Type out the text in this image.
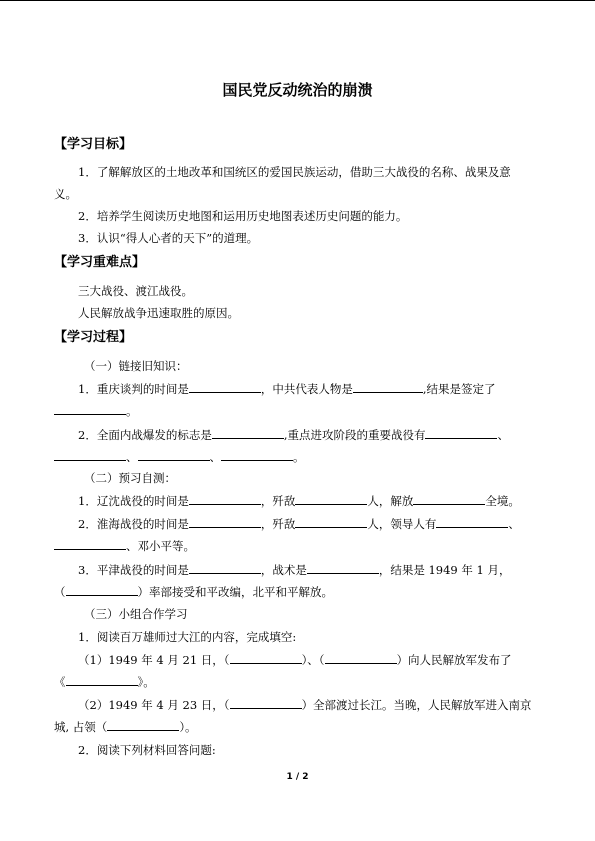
国民党反动统治的崩溃
【学习目标】
1．了解解放区的土地改革和国统区的爱国民族运动，借助三大战役的名称、战果及意
义。
2．培养学生阅读历史地图和运用历史地图表述历史问题的能力。
3．认识“得人心者的天下”的道理。
【学习重难点】
三大战役、渡江战役。
人民解放战争迅速取胜的原因。
【学习过程】
（一）链接旧知识：
1．重庆谈判的时间是	，中共代表人物是	,结果是签定了
。
2．全面内战爆发的标志是	,重点进攻阶段的重要战役有	、
、	、	。
（二）预习自测：
1．辽沈战役的时间是	，歼敌	人，解放	全境。
2．淮海战役的时间是	，歼敌	人，领导人有	、
、邓小平等。
3．平津战役的时间是	，战术是	，结果是 1949 年 1 月，
（	）率部接受和平改编，北平和平解放。
（三）小组合作学习
1．阅读百万雄师过大江的内容，完成填空:
（1）1949 年 4 月 21 日，（	）、（	）向人民解放军发布了
《	》。
（2）1949 年 4 月 23 日，（	）全部渡过长江。当晚，人民解放军进入南京
城, 占领（	）。
2．阅读下列材料回答问题:
1 / 2
